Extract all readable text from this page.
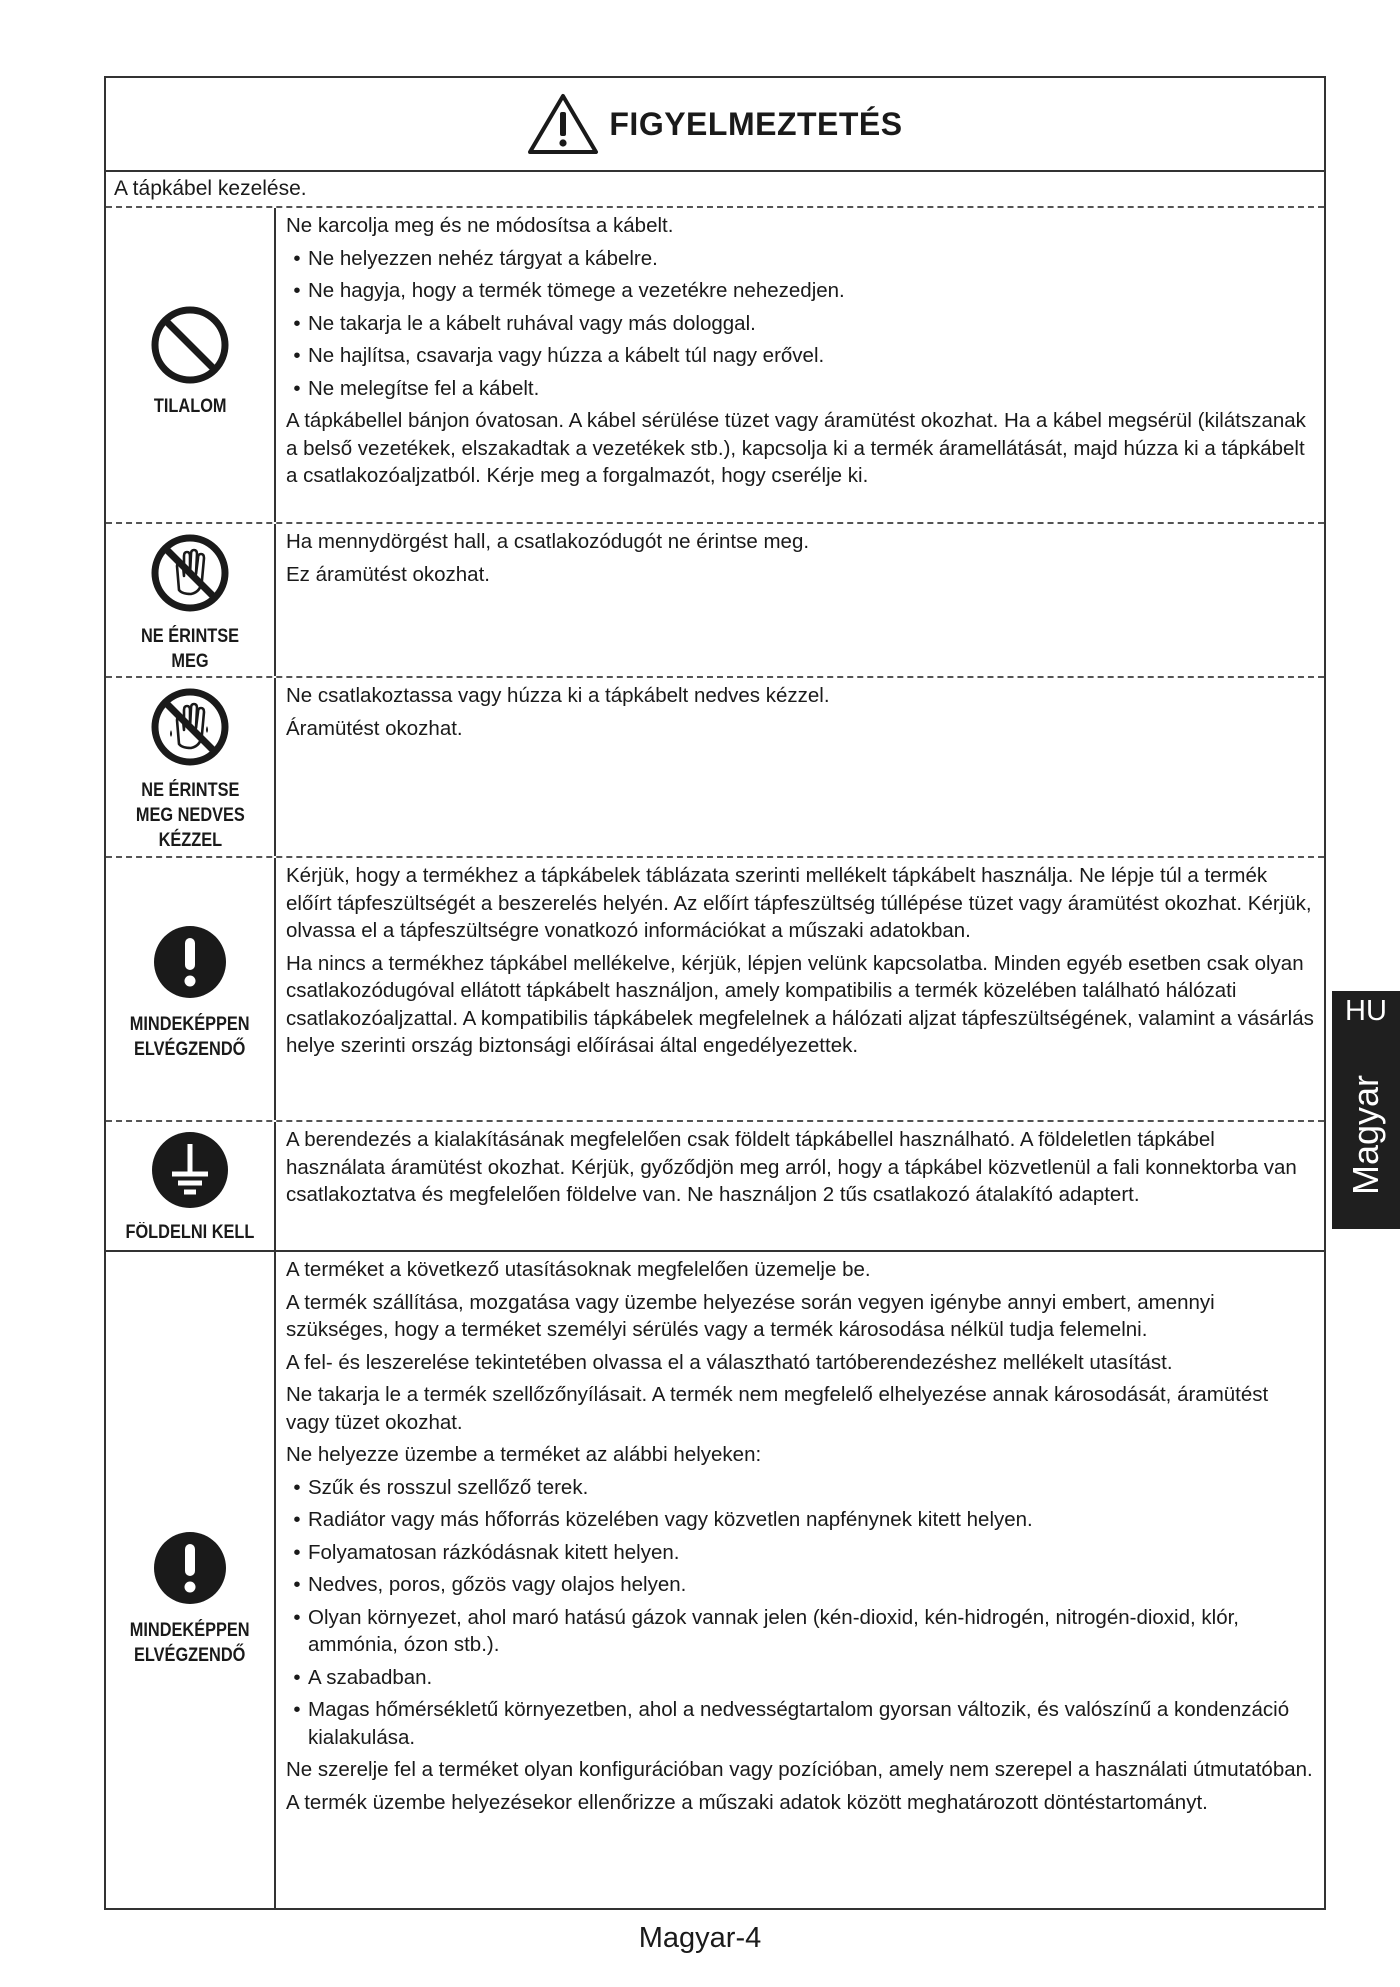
FIGYELMEZTETÉS
A tápkábel kezelése.
TILALOM

Ne karcolja meg és ne módosítsa a kábelt.

• Ne helyezzen nehéz tárgyat a kábelre.
• Ne hagyja, hogy a termék tömege a vezetékre nehezedjen.
• Ne takarja le a kábelt ruhával vagy más dologgal.
• Ne hajlítsa, csavarja vagy húzza a kábelt túl nagy erővel.
• Ne melegítse fel a kábelt.

A tápkábellel bánjon óvatosan. A kábel sérülése tüzet vagy áramütést okozhat. Ha a kábel megsérül (kilátszanak a belső vezetékek, elszakadtak a vezetékek stb.), kapcsolja ki a termék áramellátását, majd húzza ki a tápkábelt a csatlakozóaljzatból. Kérje meg a forgalmazót, hogy cserélje ki.

NE ÉRINTSE
MEG

Ha mennydörgést hall, a csatlakozódugót ne érintse meg.

Ez áramütést okozhat.

NE ÉRINTSE
MEG NEDVES
KÉZZEL

Ne csatlakoztassa vagy húzza ki a tápkábelt nedves kézzel.

Áramütést okozhat.

MINDEKÉPPEN
ELVÉGZENDŐ

Kérjük, hogy a termékhez a tápkábelek táblázata szerinti mellékelt tápkábelt használja. Ne lépje túl a termék előírt tápfeszültségét a beszerelés helyén. Az előírt tápfeszültség túllépése tüzet vagy áramütést okozhat. Kérjük, olvassa el a tápfeszültségre vonatkozó információkat a műszaki adatokban.

Ha nincs a termékhez tápkábel mellékelve, kérjük, lépjen velünk kapcsolatba. Minden egyéb esetben csak olyan csatlakozódugóval ellátott tápkábelt használjon, amely kompatibilis a termék közelében található hálózati csatlakozóaljzattal. A kompatibilis tápkábelek megfelelnek a hálózati aljzat tápfeszültségének, valamint a vásárlás helye szerinti ország biztonsági előírásai által engedélyezettek.

FÖLDELNI KELL

A berendezés a kialakításának megfelelően csak földelt tápkábellel használható. A földeletlen tápkábel használata áramütést okozhat. Kérjük, győződjön meg arról, hogy a tápkábel közvetlenül a fali konnektorba van csatlakoztatva és megfelelően földelve van. Ne használjon 2 tűs csatlakozó átalakító adaptert.

MINDEKÉPPEN
ELVÉGZENDŐ

A terméket a következő utasításoknak megfelelően üzemelje be.

A termék szállítása, mozgatása vagy üzembe helyezése során vegyen igénybe annyi embert, amennyi szükséges, hogy a terméket személyi sérülés vagy a termék károsodása nélkül tudja felemelni.

A fel- és leszerelése tekintetében olvassa el a választható tartóberendezéshez mellékelt utasítást.

Ne takarja le a termék szellőzőnyílásait. A termék nem megfelelő elhelyezése annak károsodását, áramütést vagy tüzet okozhat.

Ne helyezze üzembe a terméket az alábbi helyeken:

• Szűk és rosszul szellőző terek.
• Radiátor vagy más hőforrás közelében vagy közvetlen napfénynek kitett helyen.
• Folyamatosan rázkódásnak kitett helyen.
• Nedves, poros, gőzös vagy olajos helyen.
• Olyan környezet, ahol maró hatású gázok vannak jelen (kén-dioxid, kén-hidrogén, nitrogén-dioxid, klór, ammónia, ózon stb.).
• A szabadban.
• Magas hőmérsékletű környezetben, ahol a nedvességtartalom gyorsan változik, és valószínű a kondenzáció kialakulása.

Ne szerelje fel a terméket olyan konfigurációban vagy pozícióban, amely nem szerepel a használati útmutatóban.

A termék üzembe helyezésekor ellenőrizze a műszaki adatok között meghatározott döntéstartományt.

HU
Magyar
Magyar-4
